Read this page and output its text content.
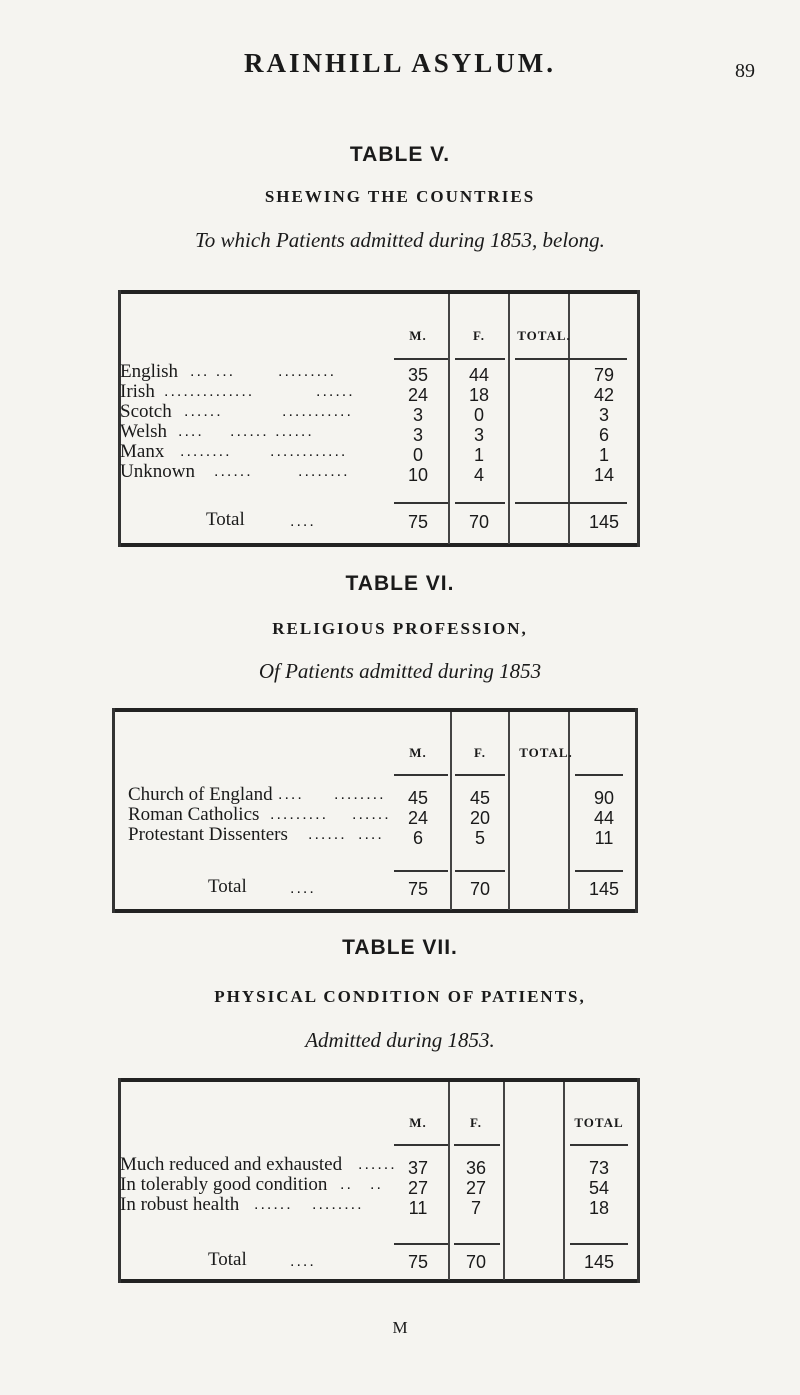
RAINHILL ASYLUM.	89
TABLE V.
SHEWING THE COUNTRIES
To which Patients admitted during 1853, belong.
M.	F.	TOTAL.
English ... ...	.........	35	44	79
Irish ..............	......	24	18	42
Scotch ......	...........	3	0	3
Welsh .... ...... ......	3	3	6
Manx ........ ............	0	1	1
Unknown ......	........	10	4	14
Total	....	75	70	145
TABLE VI.
RELIGIOUS PROFESSION,
Of Patients admitted during 1853
M.	F.	TOTAL.
Church of England .... ........	45	45	90
Roman Catholics ......... ...... 24	20	44
Protestant Dissenters ...... ....	6	5	11
Total	....	75	70	145
TABLE VII.
PHYSICAL CONDITION OF PATIENTS,
Admitted during 1853.
M.	F.	TOTAL
Much reduced and exhausted ...... 37	36	73
In tolerably good condition .. ..	27	27	54
In robust health ...... ........	11	7	18
Total	....	75	70	145
M
